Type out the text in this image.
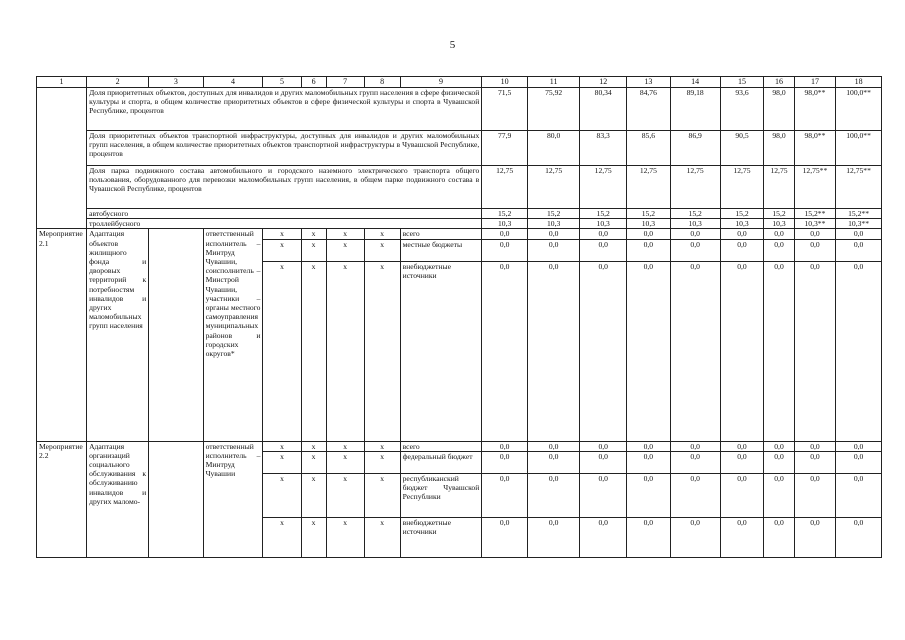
5
1	2	3	4	5	6	7	8	9	10	11	12	13	14	15	16	17	18
	Доля приоритетных объектов, доступных для инвалидов и других маломобильных групп населения в сфере физической культуры и спорта, в общем количестве приоритетных объектов в сфере физической культуры и спорта в Чувашской Республике, процентов								71,5	75,92	80,34	84,76	89,18	93,6	98,0	98,0**	100,0**
	Доля приоритетных объектов транспортной инфраструктуры, доступных для инвалидов и других маломобильных групп населения, в общем количестве приоритетных объектов транспортной инфраструктуры в Чувашской Республике, процентов								77,9	80,0	83,3	85,6	86,9	90,5	98,0	98,0**	100,0**
	Доля парка подвижного состава автомобильного и городского наземного электрического транспорта общего пользования, оборудованного для перевозки маломобильных групп населения, в общем парке подвижного состава в Чувашской Республике, процентов								12,75	12,75	12,75	12,75	12,75	12,75	12,75	12,75**	12,75**
	автобусного								15,2	15,2	15,2	15,2	15,2	15,2	15,2	15,2**	15,2**
	троллейбусного								10,3	10,3	10,3	10,3	10,3	10,3	10,3	10,3**	10,3**
Мероприятие 2.1	Адаптация объектов жилищного фонда и дворовых территорий к потребностям инвалидов и других маломобильных групп населения		ответственный исполнитель – Минтруд Чувашии, соисполнитель – Минстрой Чувашии, участники – органы местного самоуправления муниципальных районов и городских округов*	x	x	x	x	всего	0,0	0,0	0,0	0,0	0,0	0,0	0,0	0,0	0,0
				x	x	x	x	местные бюджеты	0,0	0,0	0,0	0,0	0,0	0,0	0,0	0,0	0,0
				x	x	x	x	внебюджетные источники	0,0	0,0	0,0	0,0	0,0	0,0	0,0	0,0	0,0
Мероприятие 2.2	Адаптация организаций социального обслуживания к обслуживанию инвалидов и других маломо-		ответственный исполнитель – Минтруд Чувашии	x	x	x	x	всего	0,0	0,0	0,0	0,0	0,0	0,0	0,0	0,0	0,0
				x	x	x	x	федеральный бюджет	0,0	0,0	0,0	0,0	0,0	0,0	0,0	0,0	0,0
				x	x	x	x	республиканский бюджет Чувашской Республики	0,0	0,0	0,0	0,0	0,0	0,0	0,0	0,0	0,0
				x	x	x	x	внебюджетные источники	0,0	0,0	0,0	0,0	0,0	0,0	0,0	0,0	0,0
